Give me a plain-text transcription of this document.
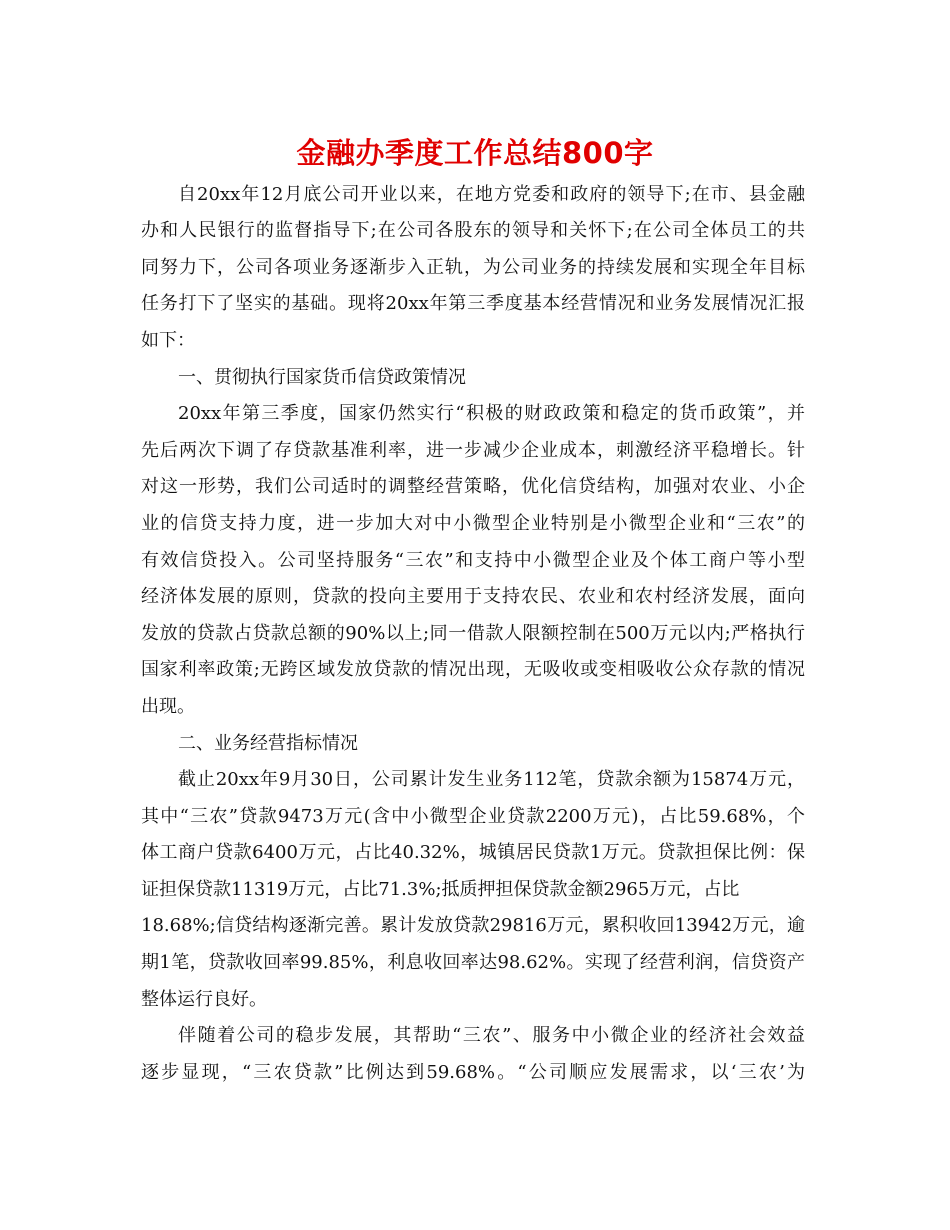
金融办季度工作总结800字
自20xx年12月底公司开业以来，在地方党委和政府的领导下;在市、县金融
办和人民银行的监督指导下;在公司各股东的领导和关怀下;在公司全体员工的共
同努力下，公司各项业务逐渐步入正轨，为公司业务的持续发展和实现全年目标
任务打下了坚实的基础。现将20xx年第三季度基本经营情况和业务发展情况汇报
如下：
一、贯彻执行国家货币信贷政策情况
20xx年第三季度，国家仍然实行“积极的财政政策和稳定的货币政策”，并
先后两次下调了存贷款基准利率，进一步减少企业成本，刺激经济平稳增长。针
对这一形势，我们公司适时的调整经营策略，优化信贷结构，加强对农业、小企
业的信贷支持力度，进一步加大对中小微型企业特别是小微型企业和“三农”的
有效信贷投入。公司坚持服务“三农”和支持中小微型企业及个体工商户等小型
经济体发展的原则，贷款的投向主要用于支持农民、农业和农村经济发展，面向
发放的贷款占贷款总额的90%以上;同一借款人限额控制在500万元以内;严格执行
国家利率政策;无跨区域发放贷款的情况出现，无吸收或变相吸收公众存款的情况
出现。
二、业务经营指标情况
截止20xx年9月30日，公司累计发生业务112笔，贷款余额为15874万元，
其中“三农”贷款9473万元(含中小微型企业贷款2200万元)，占比59.68%，个
体工商户贷款6400万元，占比40.32%，城镇居民贷款1万元。贷款担保比例：保
证担保贷款11319万元，占比71.3%;抵质押担保贷款金额2965万元，占比
18.68%;信贷结构逐渐完善。累计发放贷款29816万元，累积收回13942万元，逾
期1笔，贷款收回率99.85%，利息收回率达98.62%。实现了经营利润，信贷资产
整体运行良好。
伴随着公司的稳步发展，其帮助“三农”、服务中小微企业的经济社会效益
逐步显现，“三农贷款”比例达到59.68%。“公司顺应发展需求，以‘三农’为
